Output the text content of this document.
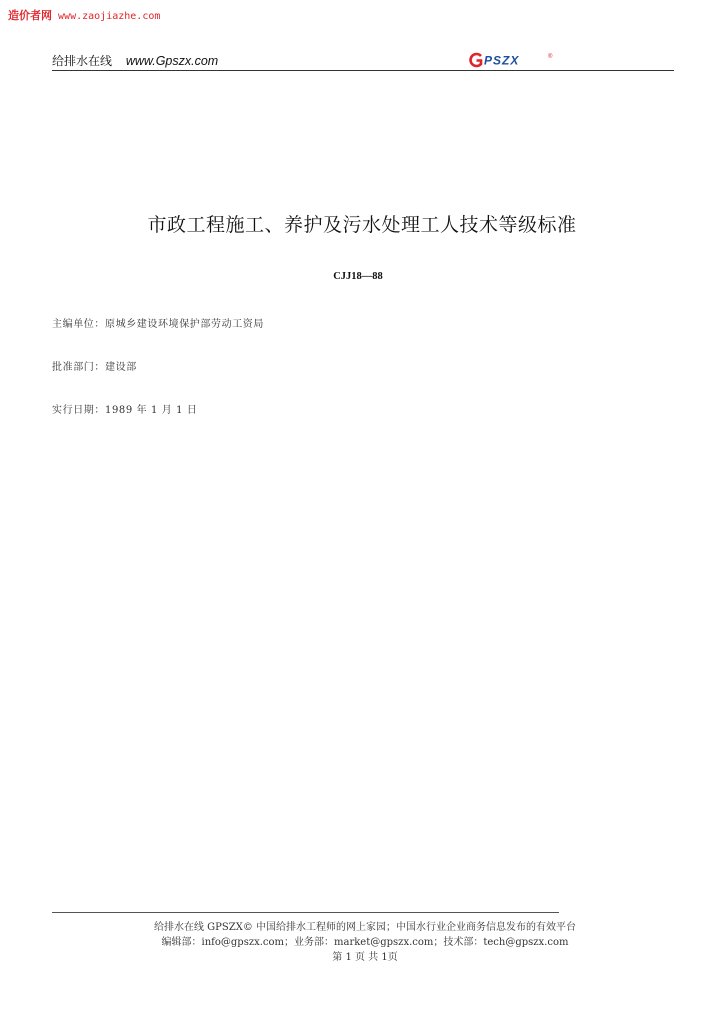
造价者网 www.zaojiazhe.com
给排水在线 www.Gpszx.com	PSZX	®
市政工程施工、养护及污水处理工人技术等级标准
CJJ18—88
主编单位：原城乡建设环境保护部劳动工资局
批准部门：建设部
实行日期：1989 年 1 月 1 日
给排水在线 GPSZX© 中国给排水工程师的网上家园；中国水行业企业商务信息发布的有效平台
编辑部：info@gpszx.com；业务部：market@gpszx.com；技术部：tech@gpszx.com
第 1 页 共 1页
